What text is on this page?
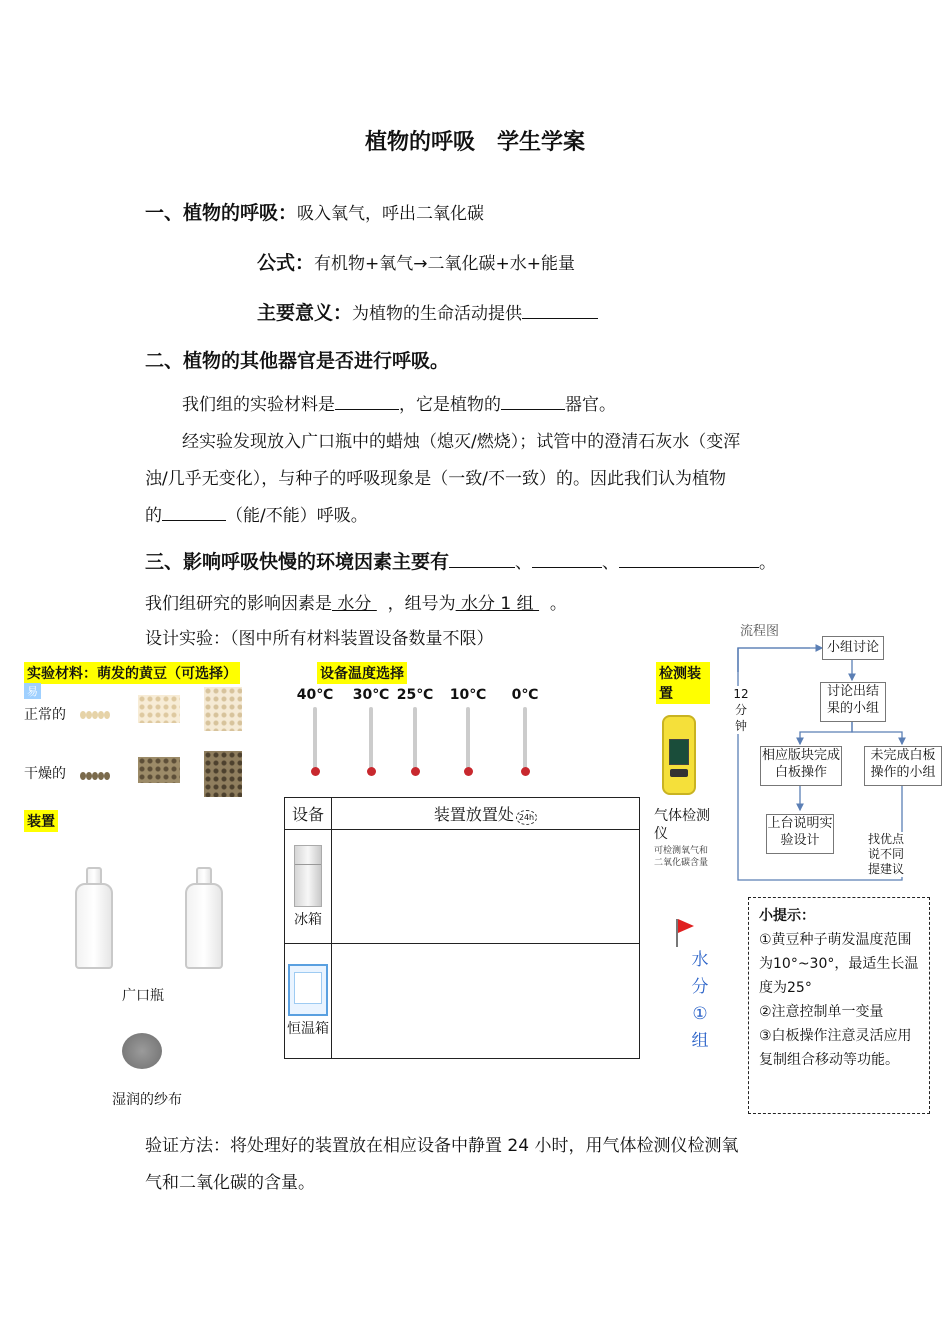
植物的呼吸　学生学案
一、植物的呼吸：吸入氧气，呼出二氧化碳
公式：有机物+氧气→二氧化碳+水+能量
主要意义：为植物的生命活动提供
二、植物的其他器官是否进行呼吸。
我们组的实验材料是	，它是植物的	器官。
经实验发现放入广口瓶中的蜡烛（熄灭/燃烧）；试管中的澄清石灰水（变浑
浊/几乎无变化），与种子的呼吸现象是（一致/不一致）的。因此我们认为植物
的	（能/不能）呼吸。
三、影响呼吸快慢的环境因素主要有	、	、	。
我们组研究的影响因素是 水分   ，组号为 水分 1 组   。
设计实验：（图中所有材料装置设备数量不限）
实验材料：萌发的黄豆（可选择）
易
正常的
干燥的
装置
广口瓶
湿润的纱布
设备温度选择
40℃	30℃ 25℃	10℃	0℃
检测装置
气体检测仪
可检测氧气和二氧化碳含量
水
分
①
组
设备	装置放置处 24h

冰箱	

恒温箱	

流程图
小组讨论
讨论出结果的小组
相应版块完成白板操作
未完成白板操作的小组
上台说明实验设计	找优点说不同提建议
12
分
钟
小提示：
①黄豆种子萌发温度范围为10°~30°，最适生长温度为25°
②注意控制单一变量
③白板操作注意灵活应用复制组合移动等功能。
验证方法：将处理好的装置放在相应设备中静置 24 小时，用气体检测仪检测氧
气和二氧化碳的含量。
